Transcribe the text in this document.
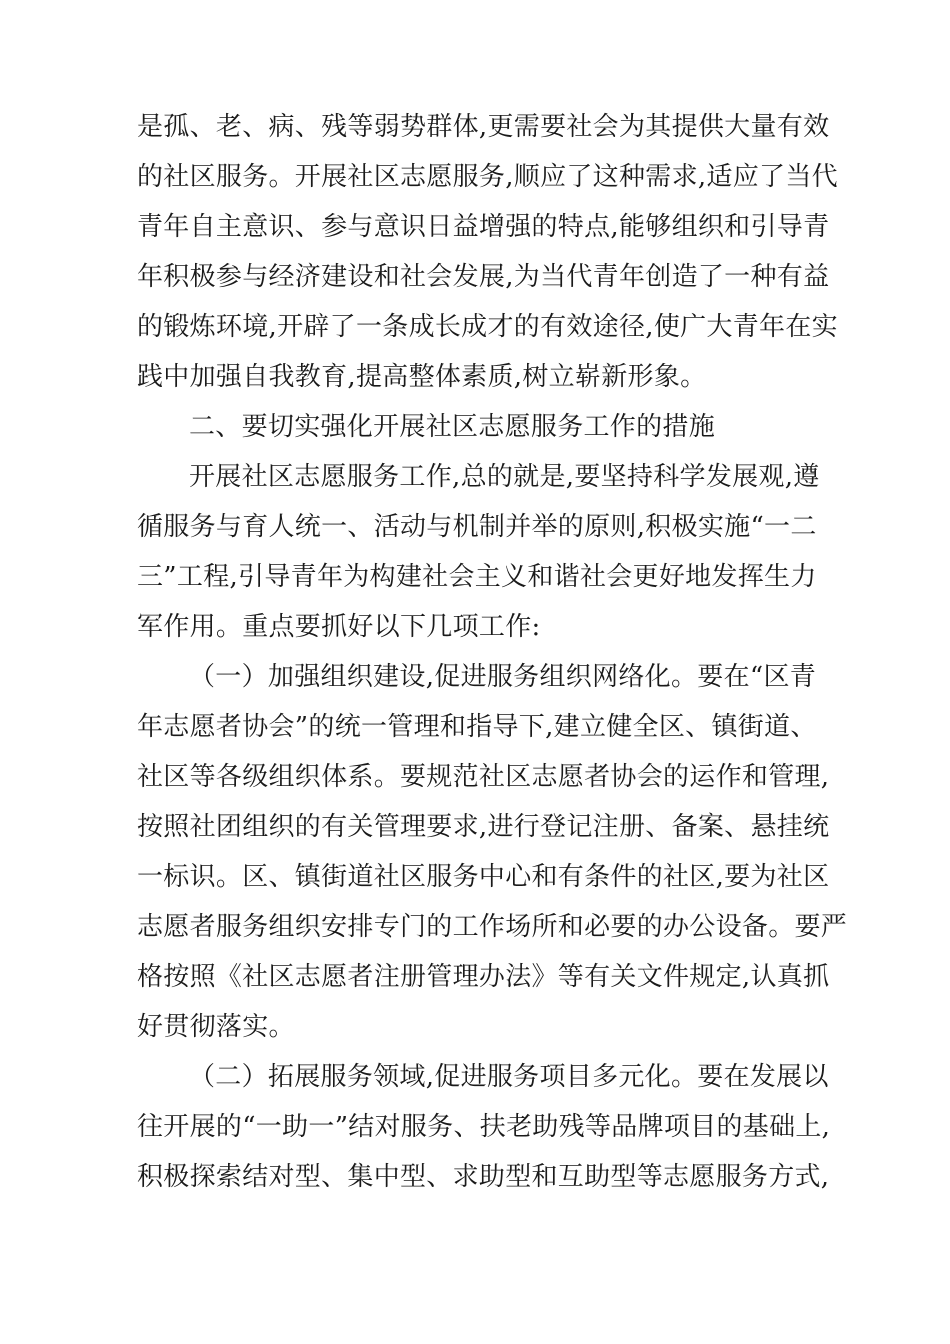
是孤、老、病、残等弱势群体,更需要社会为其提供大量有效
的社区服务。开展社区志愿服务,顺应了这种需求,适应了当代
青年自主意识、参与意识日益增强的特点,能够组织和引导青
年积极参与经济建设和社会发展,为当代青年创造了一种有益
的锻炼环境,开辟了一条成长成才的有效途径,使广大青年在实
践中加强自我教育,提高整体素质,树立崭新形象。
二、要切实强化开展社区志愿服务工作的措施
开展社区志愿服务工作,总的就是,要坚持科学发展观,遵
循服务与育人统一、活动与机制并举的原则,积极实施“一二
三”工程,引导青年为构建社会主义和谐社会更好地发挥生力
军作用。重点要抓好以下几项工作:
（一）加强组织建设,促进服务组织网络化。要在“区青
年志愿者协会”的统一管理和指导下,建立健全区、镇街道、
社区等各级组织体系。要规范社区志愿者协会的运作和管理,
按照社团组织的有关管理要求,进行登记注册、备案、悬挂统
一标识。区、镇街道社区服务中心和有条件的社区,要为社区
志愿者服务组织安排专门的工作场所和必要的办公设备。要严
格按照《社区志愿者注册管理办法》等有关文件规定,认真抓
好贯彻落实。
（二）拓展服务领域,促进服务项目多元化。要在发展以
往开展的“一助一”结对服务、扶老助残等品牌项目的基础上,
积极探索结对型、集中型、求助型和互助型等志愿服务方式,
